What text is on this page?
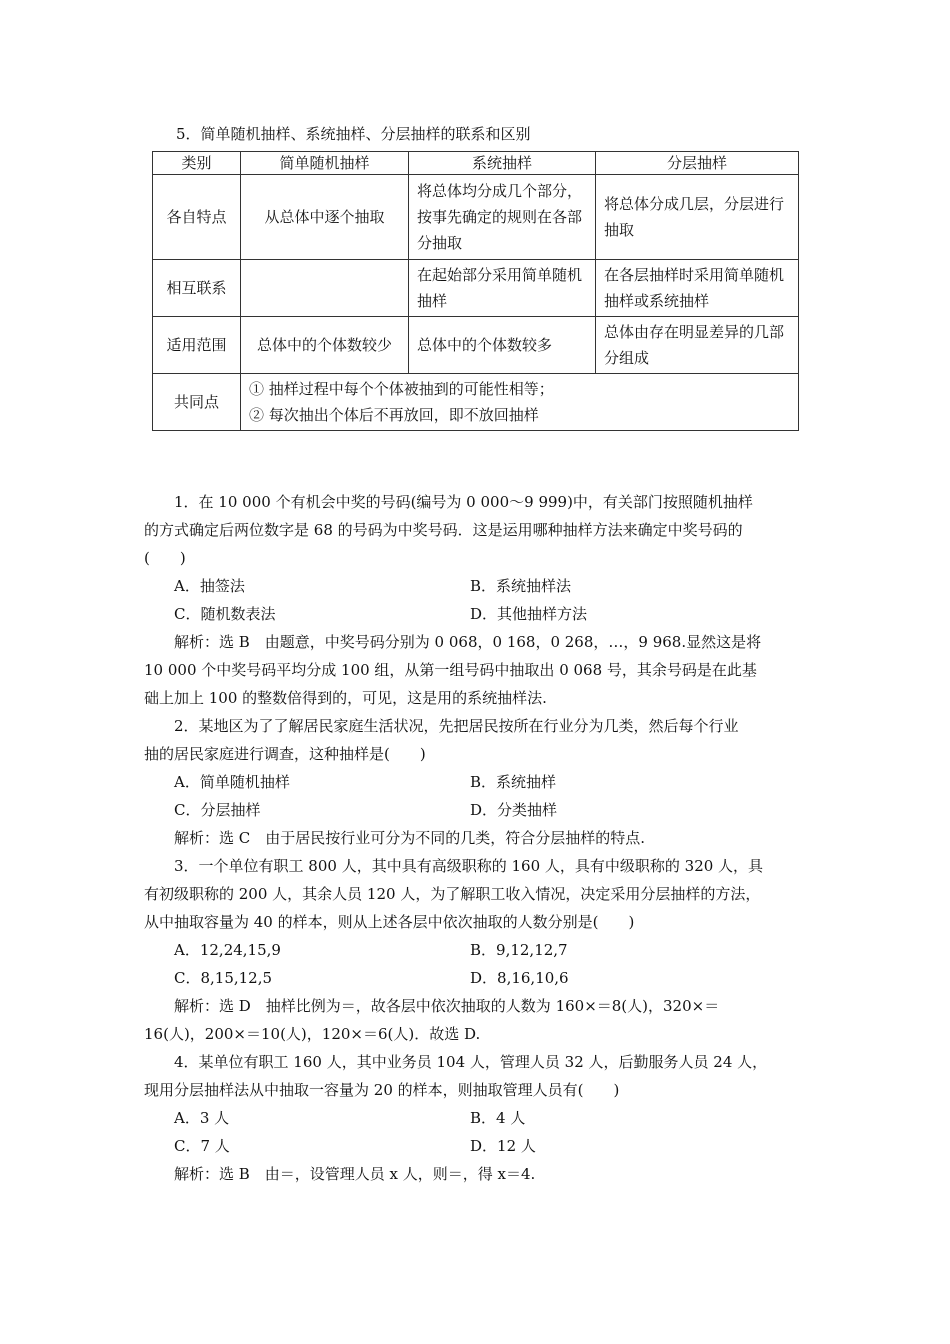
5．简单随机抽样、系统抽样、分层抽样的联系和区别
类别	简单随机抽样	系统抽样	分层抽样
各自特点	从总体中逐个抽取	将总体均分成几个部分，按事先确定的规则在各部分抽取	将总体分成几层，分层进行抽取
相互联系		在起始部分采用简单随机抽样	在各层抽样时采用简单随机抽样或系统抽样
适用范围	总体中的个体数较少	总体中的个体数较多	总体由存在明显差异的几部分组成
共同点	① 抽样过程中每个个体被抽到的可能性相等；
② 每次抽出个体后不再放回，即不放回抽样		
1．在 10 000 个有机会中奖的号码(编号为 0 000～9 999)中，有关部门按照随机抽样
的方式确定后两位数字是 68 的号码为中奖号码．这是运用哪种抽样方法来确定中奖号码的
(　　)
A．抽签法	B．系统抽样法
C．随机数表法	D．其他抽样方法
解析：选 B　由题意，中奖号码分别为 0 068，0 168，0 268，…，9 968.显然这是将
10 000 个中奖号码平均分成 100 组，从第一组号码中抽取出 0 068 号，其余号码是在此基
础上加上 100 的整数倍得到的，可见，这是用的系统抽样法.
2．某地区为了了解居民家庭生活状况，先把居民按所在行业分为几类，然后每个行业
抽的居民家庭进行调查，这种抽样是(　　)
A．简单随机抽样	B．系统抽样
C．分层抽样	D．分类抽样
解析：选 C　由于居民按行业可分为不同的几类，符合分层抽样的特点.
3．一个单位有职工 800 人，其中具有高级职称的 160 人，具有中级职称的 320 人，具
有初级职称的 200 人，其余人员 120 人，为了解职工收入情况，决定采用分层抽样的方法，
从中抽取容量为 40 的样本，则从上述各层中依次抽取的人数分别是(　　)
A．12,24,15,9	B．9,12,12,7
C．8,15,12,5	D．8,16,10,6
解析：选 D　抽样比例为＝，故各层中依次抽取的人数为 160×＝8(人)，320×＝
16(人)，200×＝10(人)，120×＝6(人)．故选 D.
4．某单位有职工 160 人，其中业务员 104 人，管理人员 32 人，后勤服务人员 24 人，
现用分层抽样法从中抽取一容量为 20 的样本，则抽取管理人员有(　　)
A．3 人	B．4 人
C．7 人	D．12 人
解析：选 B　由＝，设管理人员 x 人，则＝，得 x＝4.
